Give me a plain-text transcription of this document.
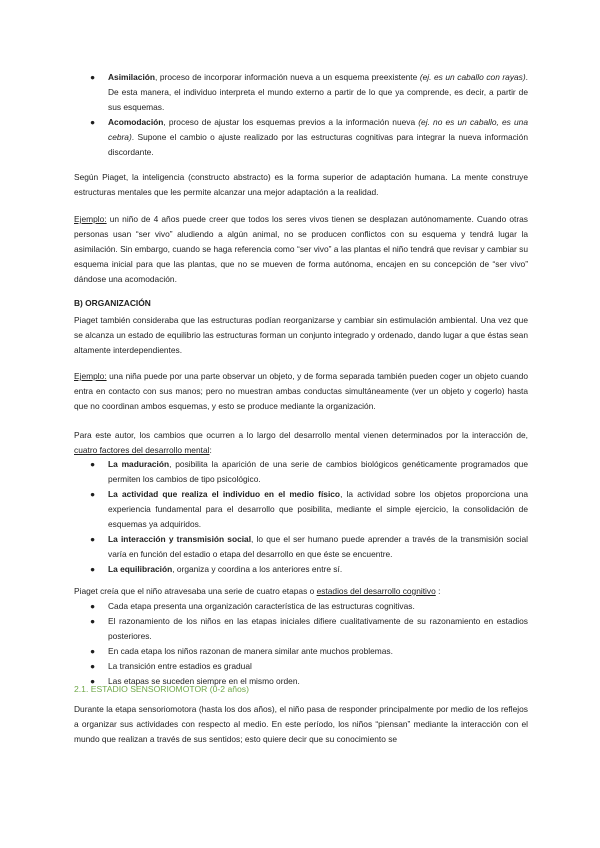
● Asimilación, proceso de incorporar información nueva a un esquema preexistente (ej. es un caballo con rayas). De esta manera, el individuo interpreta el mundo externo a partir de lo que ya comprende, es decir, a partir de sus esquemas.
● Acomodación, proceso de ajustar los esquemas previos a la información nueva (ej. no es un caballo, es una cebra). Supone el cambio o ajuste realizado por las estructuras cognitivas para integrar la nueva información discordante.

Según Piaget, la inteligencia (constructo abstracto) es la forma superior de adaptación humana. La mente construye estructuras mentales que les permite alcanzar una mejor adaptación a la realidad.

Ejemplo: un niño de 4 años puede creer que todos los seres vivos tienen se desplazan autónomamente. Cuando otras personas usan “ser vivo” aludiendo a algún animal, no se producen conflictos con su esquema y tendrá lugar la asimilación. Sin embargo, cuando se haga referencia como “ser vivo” a las plantas el niño tendrá que revisar y cambiar su esquema inicial para que las plantas, que no se mueven de forma autónoma, encajen en su concepción de “ser vivo” dándose una acomodación.

B) ORGANIZACIÓN

Piaget también consideraba que las estructuras podían reorganizarse y cambiar sin estimulación ambiental. Una vez que se alcanza un estado de equilibrio las estructuras forman un conjunto integrado y ordenado, dando lugar a que éstas sean altamente interdependientes.

Ejemplo: una niña puede por una parte observar un objeto, y de forma separada también pueden coger un objeto cuando entra en contacto con sus manos; pero no muestran ambas conductas simultáneamente (ver un objeto y cogerlo) hasta que no coordinan ambos esquemas, y esto se produce mediante la organización.

Para este autor, los cambios que ocurren a lo largo del desarrollo mental vienen determinados por la interacción de, cuatro factores del desarrollo mental:

● La maduración, posibilita la aparición de una serie de cambios biológicos genéticamente programados que permiten los cambios de tipo psicológico.
● La actividad que realiza el individuo en el medio físico, la actividad sobre los objetos proporciona una experiencia fundamental para el desarrollo que posibilita, mediante el simple ejercicio, la consolidación de esquemas ya adquiridos.
● La interacción y transmisión social, lo que el ser humano puede aprender a través de la transmisión social varía en función del estadio o etapa del desarrollo en que éste se encuentre.
● La equilibración, organiza y coordina a los anteriores entre sí.

Piaget creía que el niño atravesaba una serie de cuatro etapas o estadios del desarrollo cognitivo :

● Cada etapa presenta una organización característica de las estructuras cognitivas.
● El razonamiento de los niños en las etapas iniciales difiere cualitativamente de su razonamiento en estadios posteriores.
● En cada etapa los niños razonan de manera similar ante muchos problemas.
● La transición entre estadios es gradual
● Las etapas se suceden siempre en el mismo orden.

2.1. ESTADIO SENSORIOMOTOR (0-2 años)

Durante la etapa sensoriomotora (hasta los dos años), el niño pasa de responder principalmente por medio de los reflejos a organizar sus actividades con respecto al medio. En este período, los niños “piensan” mediante la interacción con el mundo que realizan a través de sus sentidos; esto quiere decir que su conocimiento se
